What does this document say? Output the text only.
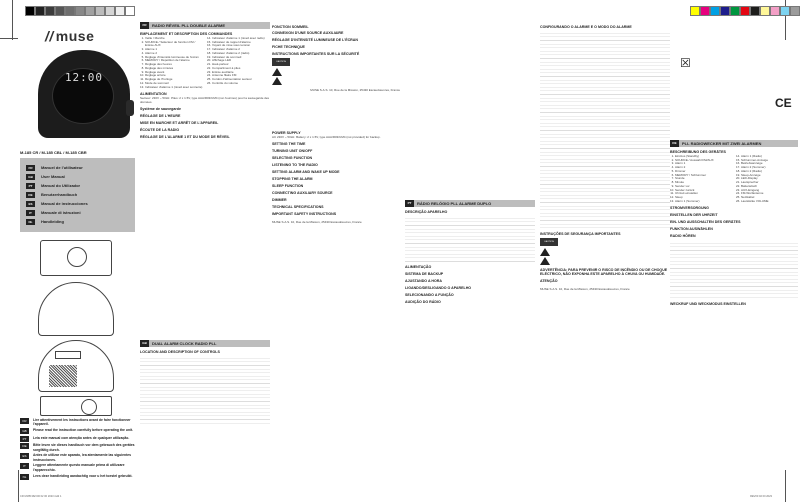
// muse
12:00
M-185 CR / M-185 CBL / M-185 CBR
FR	Manuel de l'utilisateur
GB	User Manual
PT	Manual do Utilizador
DE	Benutzerhandbuch
ES	Manual de instrucciones
IT	Manuale di istruzioni
NL	Handleiding
FR	Lire attentivement les instructions avant de faire fonctionner l'appareil.
GB	Please read the instruction carefully before operating the unit.
PT	Leia este manual com atenção antes de qualquer utilização.
DE	Bitte lesen sie dieses handbuch vor dem gebrauch des gerätes sorgfältig durch.
ES	Antes de utilizar este aparato, lea atentamente las siguientes instrucciones.
IT	Leggere attentamente questo manuale prima di utilizzare l'apparecchio.
NL	Lees deze handleiding aandachtig voor u het toestel gebruikt.
CR M185 REV00 02 00 2023 indd 1
FR	RADIO RÉVEIL PLL DOUBLE ALARME
EMPLACEMENT ET DESCRIPTION DES COMMANDES
1. Veille / Marche
2. SOURCE / Sélecteur de fonction FM / Entrée AUX
3. Alarme 1
4. Alarme 2
5. Réglage d'intensité lumineuse de l'écran
6. MEMORY / Répétition de l'alarme
7. Réglage des heures
8. Réglage des minutes
9. Réglage avant
10. Réglage arrière
11. Réglage de l'horloge
12. Mode de sommeil
13. Indicateur d'alarme 1 (réveil avec sonnerie)
14. Indicateur d'alarme 1 (réveil avec radio)
15. Indicateur de rappel d'alarme
16. Voyant de mise sous tension
17. Indicateur d'alarme 2
18. Indicateur d'alarme 2 (radio)
19. Indicateur de sommeil
20. Affichage LED
21. Haut-parleur
22. Compartiment à piles
23. Entrée auxiliaire
24. Antenne filaire FM
25. Cordon d'alimentation secteur
26. Contrôle du volume
ALIMENTATION

Secteur: 230V ~ 50Hz. Piles: 2 x 1.5V, type AAA/R03/UM4 (non fournies) pour la sauvegarde des données.

Système de sauvegarde
RÉGLAGE DE L'HEURE
MISE EN MARCHE ET ARRÊT DE L'APPAREIL
ÉCOUTE DE LA RADIO
RÉGLAGE DE L'ALARME 1 ET DU MODE DE RÉVEIL
FONCTION SOMMEIL
CONNEXION D'UNE SOURCE AUXILIAIRE
RÉGLAGE D'INTENSITÉ LUMINEUSE DE L'ÉCRAN
FICHE TECHNIQUE
INSTRUCTIONS IMPORTANTES SUR LA SÉCURITÉ
CAUTION

MUSE S.A.S. 10, Rue de la Mission, 25430 Escaudœuvres, France

GB	DUAL ALARM CLOCK RADIO PLL
LOCATION AND DESCRIPTION OF CONTROLS
POWER SUPPLY

AC 230V ~ 50Hz. Battery: 2 x 1.5V, type AAA/R03/UM4 (not provided) for backup.

SETTING THE TIME
TURNING UNIT ON/OFF
SELECTING FUNCTION
LISTENING TO THE RADIO
SETTING ALARM AND WAKE UP MODE
STOPPING THE ALARM
SLEEP FUNCTION
CONNECTING AUXILIARY SOURCE
DIMMER
TECHNICAL SPECIFICATIONS
IMPORTANT SAFETY INSTRUCTIONS

MUSE S.A.S. 10, Rue de la Mission, 25430 Escaudœuvres, France

PT	RÁDIO RELÓGIO PLL ALARME DUPLO
DESCRIÇÃO APARELHO
ALIMENTAÇÃO
SISTEMA DE BACKUP
AJUSTANDO A HORA
LIGANDO/DESLIGANDO O APARELHO
SELECIONANDO A FUNÇÃO
AUDIÇÃO DO RÁDIO
CONFIGURANDO O ALARME E O MODO DO ALARME
INSTRUÇÕES DE SEGURANÇA IMPORTANTES
CAUTION
ADVERTÊNCIA: PARA PREVENIR O RISCO DE INCÊNDIO OU DE CHOQUE ELÉCTRICO, NÃO EXPONHA ESTE APARELHO À CHUVA OU HUMIDADE.
ATENÇÃO

MUSE S.A.S. 10, Rue de la Mission, 25430 Escaudœuvres, France

☒
CE
DE	PLL RADIOWECKER MIT ZWEI ALARMEN
BESCHREIBUNG DES GERÄTES
1. Ein/Aus (Standby)
2. SOURCE / Auswahl FM/AUX
3. Alarm 1
4. Alarm 2
5. Dimmer
6. MEMORY / Schlummer
7. Stunde
8. Minute
9. Sender vor
10. Sender zurück
11. Uhrzeit einstellen
12. Sleep
13. Alarm 1 (Summer)
14. Alarm 1 (Radio)
15. Schlummer-Anzeige
16. Betriebsanzeige
17. Alarm 2 (Summer)
18. Alarm 2 (Radio)
19. Sleep-Anzeige
20. LED-Display
21. Lautsprecher
22. Batteriefach
23. AUX-Eingang
24. FM-Wurfantenne
25. Netzkabel
26. Lautstärke VOLUME
STROMVERSORGUNG
EINSTELLEN DER UHRZEIT
EIN- UND AUSSCHALTEN DES GERÄTES
FUNKTION AUSWÄHLEN
RADIO HÖREN
WECKRUF UND WECKMODUS EINSTELLEN
REV00 02 00 2023
